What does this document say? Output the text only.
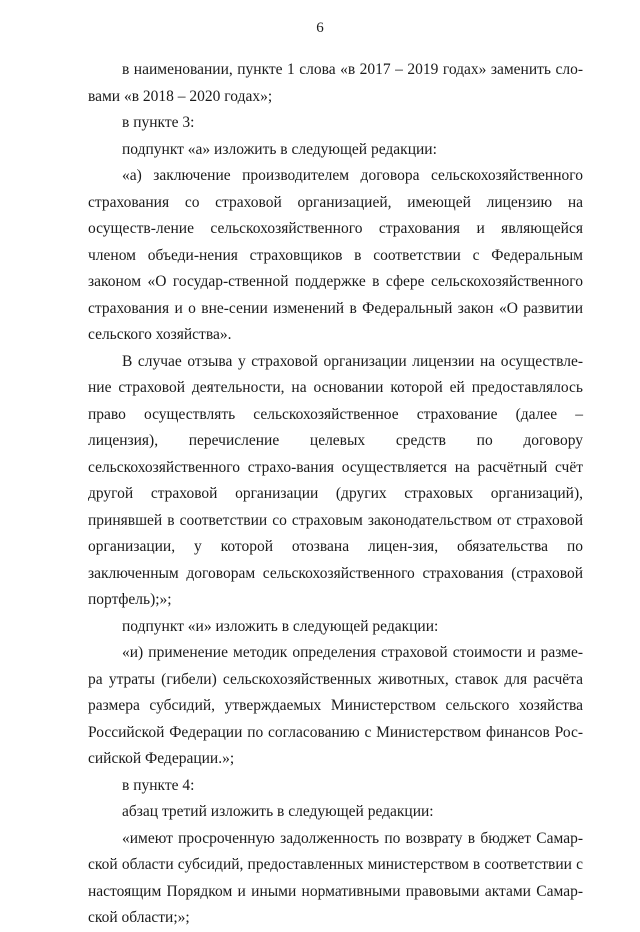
6

в наименовании, пункте 1 слова «в 2017 – 2019 годах» заменить сло-вами «в 2018 – 2020 годах»;

в пункте 3:

подпункт «а» изложить в следующей редакции:

«а) заключение производителем договора сельскохозяйственного страхования со страховой организацией, имеющей лицензию на осуществ-ление сельскохозяйственного страхования и являющейся членом объеди-нения страховщиков в соответствии с Федеральным законом «О государ-ственной поддержке в сфере сельскохозяйственного страхования и о вне-сении изменений в Федеральный закон «О развитии сельского хозяйства».

В случае отзыва у страховой организации лицензии на осуществле-ние страховой деятельности, на основании которой ей предоставлялось право осуществлять сельскохозяйственное страхование (далее – лицензия), перечисление целевых средств по договору сельскохозяйственного страхо-вания осуществляется на расчётный счёт другой страховой организации (других страховых организаций), принявшей в соответствии со страховым законодательством от страховой организации, у которой отозвана лицен-зия, обязательства по заключенным договорам сельскохозяйственного страхования (страховой портфель);»;

подпункт «и» изложить в следующей редакции:

«и) применение методик определения страховой стоимости и разме-ра утраты (гибели) сельскохозяйственных животных, ставок для расчёта размера субсидий, утверждаемых Министерством сельского хозяйства Российской Федерации по согласованию с Министерством финансов Рос-сийской Федерации.»;

в пункте 4:

абзац третий изложить в следующей редакции:

«имеют просроченную задолженность по возврату в бюджет Самар-ской области субсидий, предоставленных министерством в соответствии с настоящим Порядком и иными нормативными правовыми актами Самар-ской области;»;
